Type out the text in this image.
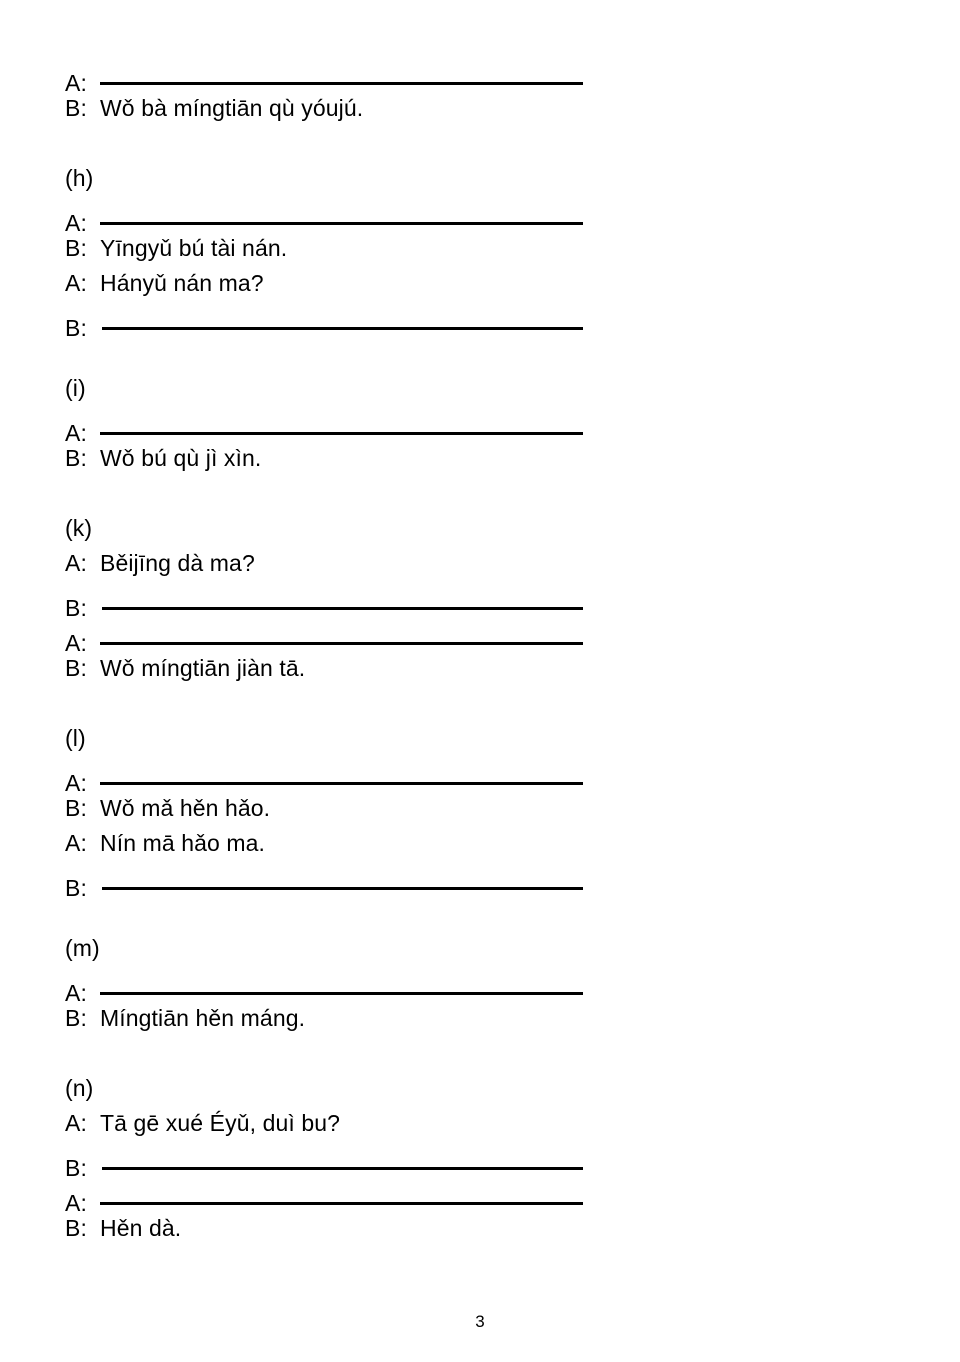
A:
B: Wǒ bà míngtiān qù yóujú.
(h)
A:
B: Yīngyǔ bú tài nán.
A: Hányǔ nán ma?
B:
(i)
A:
B: Wǒ bú qù jì xìn.
(k)
A: Běijīng dà ma?
B:
A:
B: Wǒ míngtiān jiàn tā.
(l)
A:
B: Wǒ mǎ hěn hǎo.
A: Nín mā hǎo ma.
B:
(m)
A:
B: Míngtiān hěn máng.
(n)
A: Tā gē xué Éyǔ, duì bu?
B:
A:
B: Hěn dà.
3
